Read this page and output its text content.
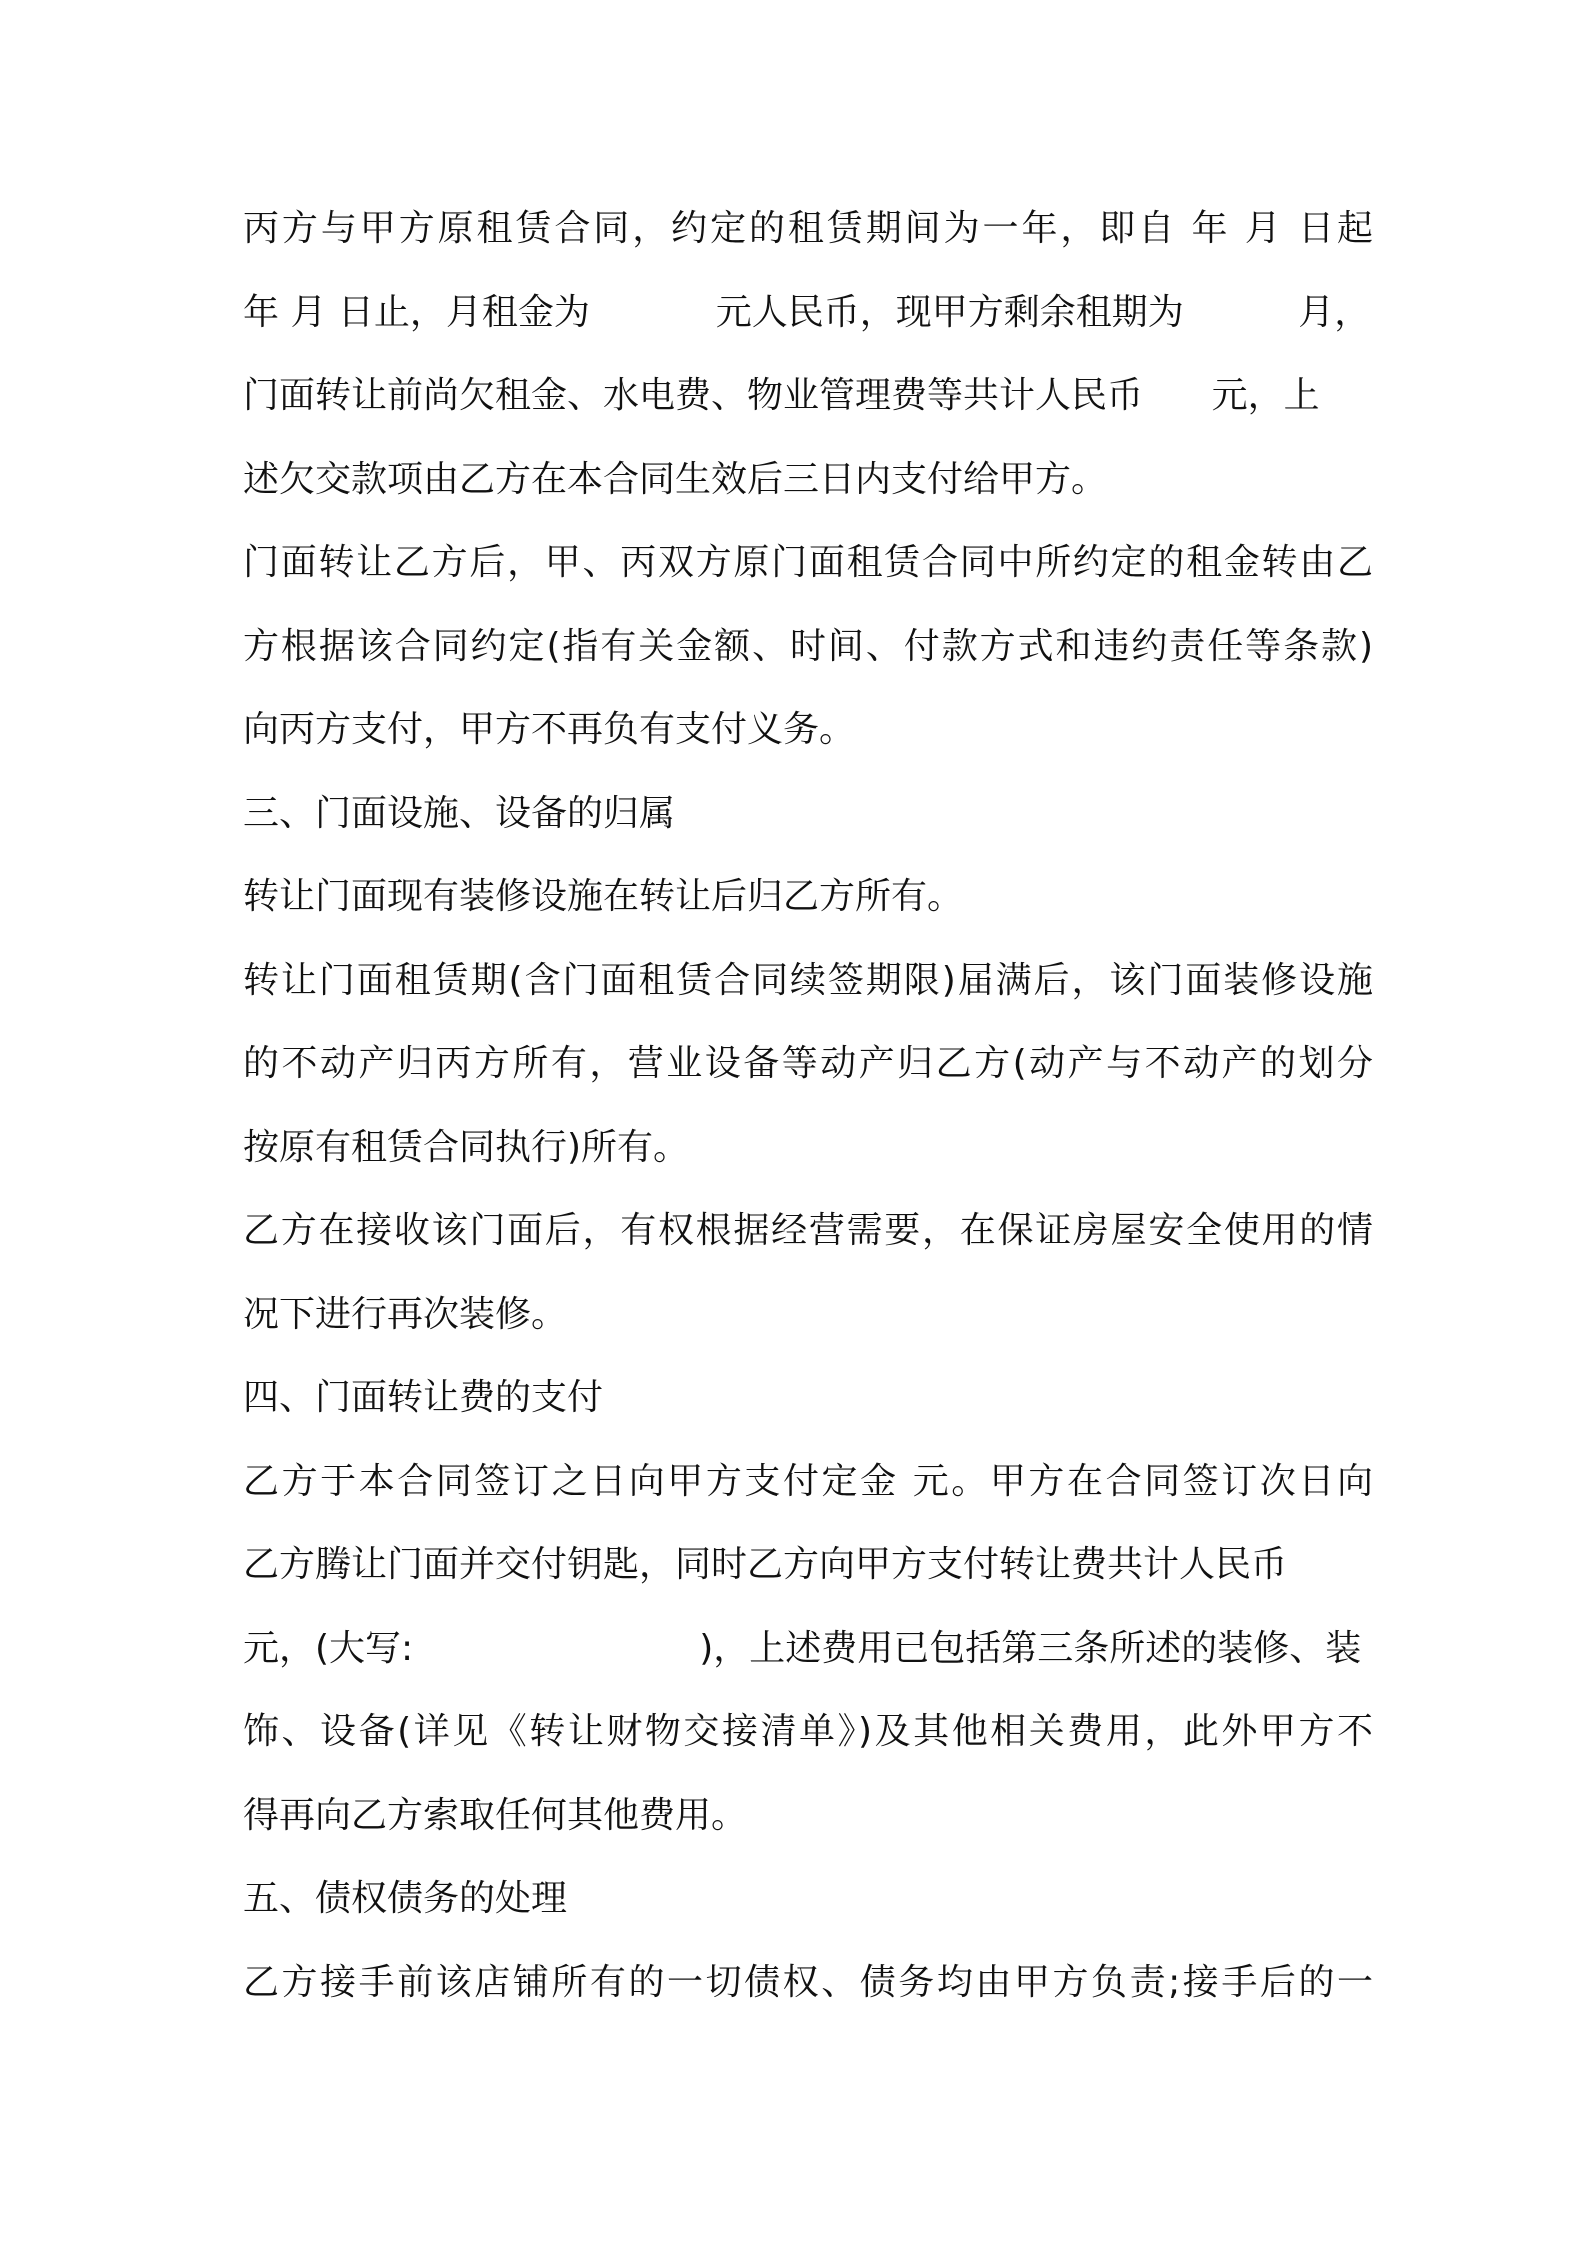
丙方与甲方原租赁合同，约定的租赁期间为一年，即自 年 月 日起
年 月 日止，月租金为           元人民币，现甲方剩余租期为          月，
门面转让前尚欠租金、水电费、物业管理费等共计人民币      元，上
述欠交款项由乙方在本合同生效后三日内支付给甲方。
门面转让乙方后，甲、丙双方原门面租赁合同中所约定的租金转由乙
方根据该合同约定(指有关金额、时间、付款方式和违约责任等条款)
向丙方支付，甲方不再负有支付义务。
三、门面设施、设备的归属
转让门面现有装修设施在转让后归乙方所有。
转让门面租赁期(含门面租赁合同续签期限)届满后，该门面装修设施
的不动产归丙方所有，营业设备等动产归乙方(动产与不动产的划分
按原有租赁合同执行)所有。
乙方在接收该门面后，有权根据经营需要，在保证房屋安全使用的情
况下进行再次装修。
四、门面转让费的支付
乙方于本合同签订之日向甲方支付定金 元。甲方在合同签订次日向
乙方腾让门面并交付钥匙，同时乙方向甲方支付转让费共计人民币
元，(大写:                         )，上述费用已包括第三条所述的装修、装
饰、设备(详见《转让财物交接清单》)及其他相关费用，此外甲方不
得再向乙方索取任何其他费用。
五、债权债务的处理
乙方接手前该店铺所有的一切债权、债务均由甲方负责;接手后的一
